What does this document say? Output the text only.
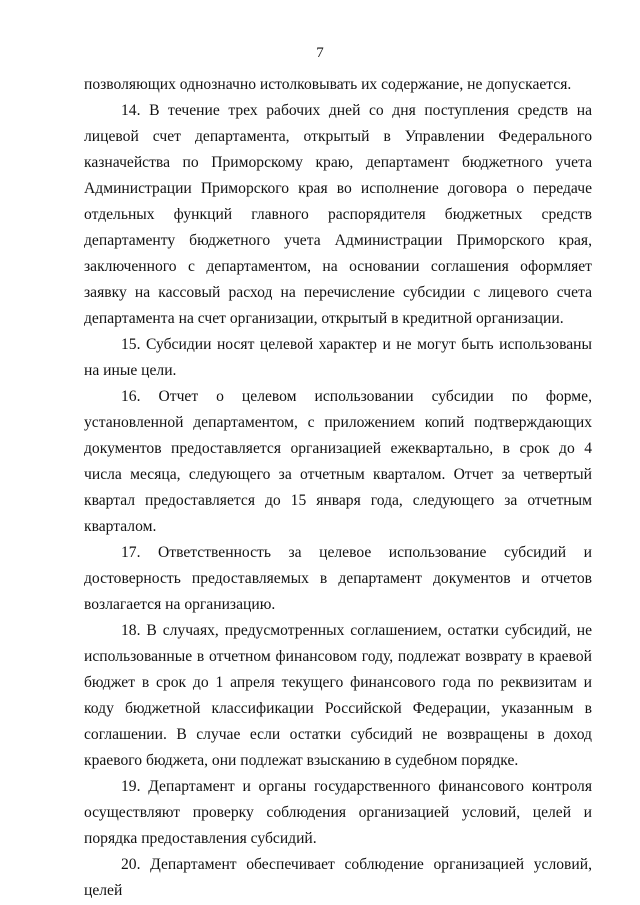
7

позволяющих однозначно истолковывать их содержание, не допускается.

14. В течение трех рабочих дней со дня поступления средств на лицевой счет департамента, открытый в Управлении Федерального казначейства по Приморскому краю, департамент бюджетного учета Администрации Приморского края во исполнение договора о передаче отдельных функций главного распорядителя бюджетных средств департаменту бюджетного учета Администрации Приморского края, заключенного с департаментом, на основании соглашения оформляет заявку на кассовый расход на перечисление субсидии с лицевого счета департамента на счет организации, открытый в кредитной организации.

15. Субсидии носят целевой характер и не могут быть использованы на иные цели.

16. Отчет о целевом использовании субсидии по форме, установленной департаментом, с приложением копий подтверждающих документов предоставляется организацией ежеквартально, в срок до 4 числа месяца, следующего за отчетным кварталом. Отчет за четвертый квартал предоставляется до 15 января года, следующего за отчетным кварталом.

17. Ответственность за целевое использование субсидий и достоверность предоставляемых в департамент документов и отчетов возлагается на организацию.

18. В случаях, предусмотренных соглашением, остатки субсидий, не использованные в отчетном финансовом году, подлежат возврату в краевой бюджет в срок до 1 апреля текущего финансового года по реквизитам и коду бюджетной классификации Российской Федерации, указанным в соглашении. В случае если остатки субсидий не возвращены в доход краевого бюджета, они подлежат взысканию в судебном порядке.

19. Департамент и органы государственного финансового контроля осуществляют проверку соблюдения организацией условий, целей и порядка предоставления субсидий.

20. Департамент обеспечивает соблюдение организацией условий, целей
